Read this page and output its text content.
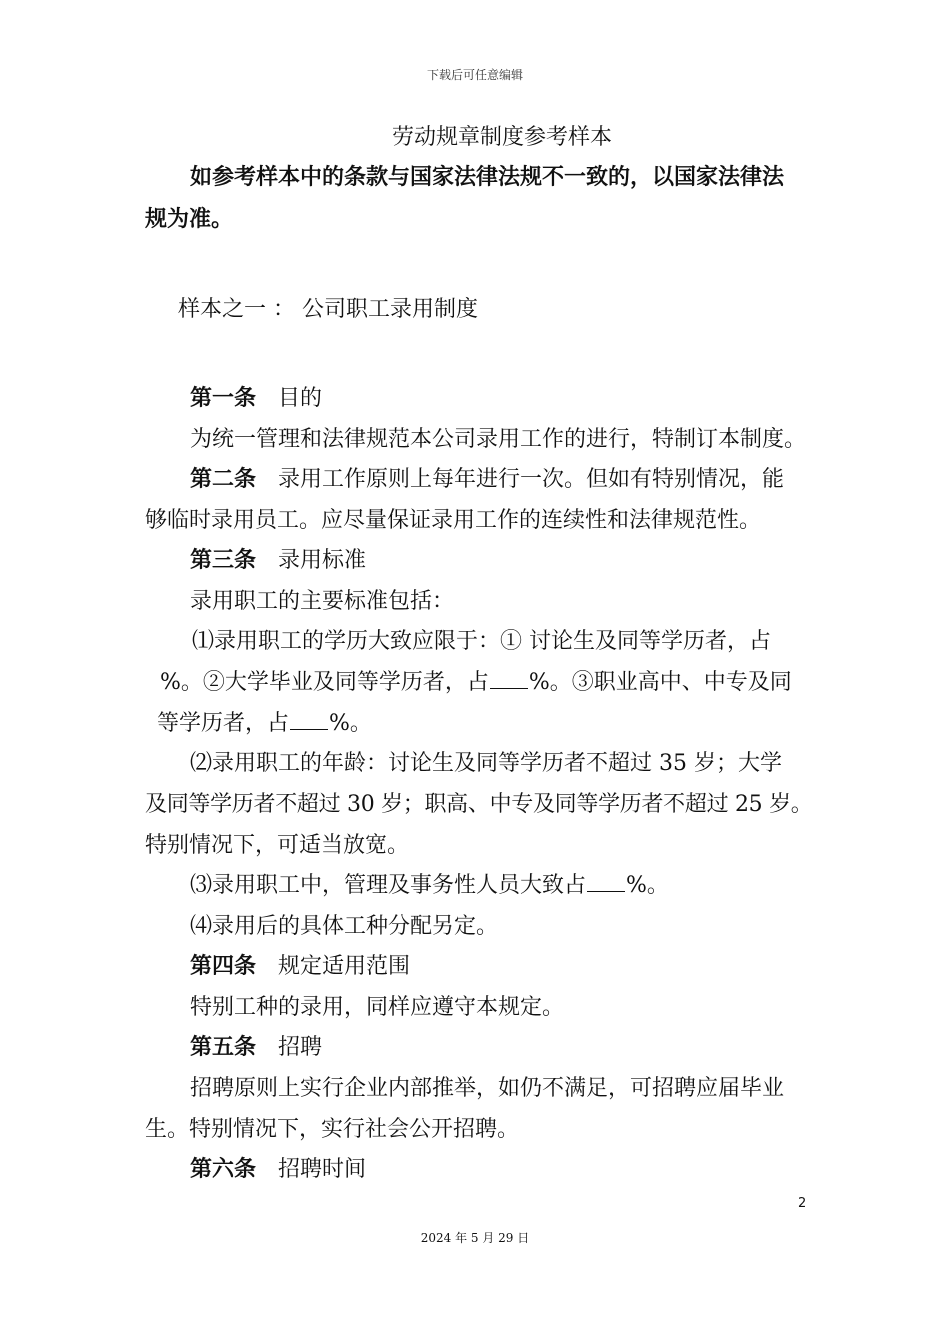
下载后可任意编辑
劳动规章制度参考样本
如参考样本中的条款与国家法律法规不一致的，以国家法律法
规为准。
样本之一 ： 公司职工录用制度
第一条 目的
为统一管理和法律规范本公司录用工作的进行，特制订本制度。
第二条 录用工作原则上每年进行一次。但如有特别情况，能
够临时录用员工。应尽量保证录用工作的连续性和法律规范性。
第三条 录用标准
录用职工的主要标准包括：
⑴录用职工的学历大致应限于：① 讨论生及同等学历者，占
%。②大学毕业及同等学历者，占 %。③职业高中、中专及同
等学历者，占 %。
⑵录用职工的年龄：讨论生及同等学历者不超过 35 岁；大学
及同等学历者不超过 30 岁；职高、中专及同等学历者不超过 25 岁。
特别情况下，可适当放宽。
⑶录用职工中，管理及事务性人员大致占 %。
⑷录用后的具体工种分配另定。
第四条 规定适用范围
特别工种的录用，同样应遵守本规定。
第五条 招聘
招聘原则上实行企业内部推举，如仍不满足，可招聘应届毕业
生。特别情况下，实行社会公开招聘。
第六条 招聘时间
2
2024 年 5 月 29 日
